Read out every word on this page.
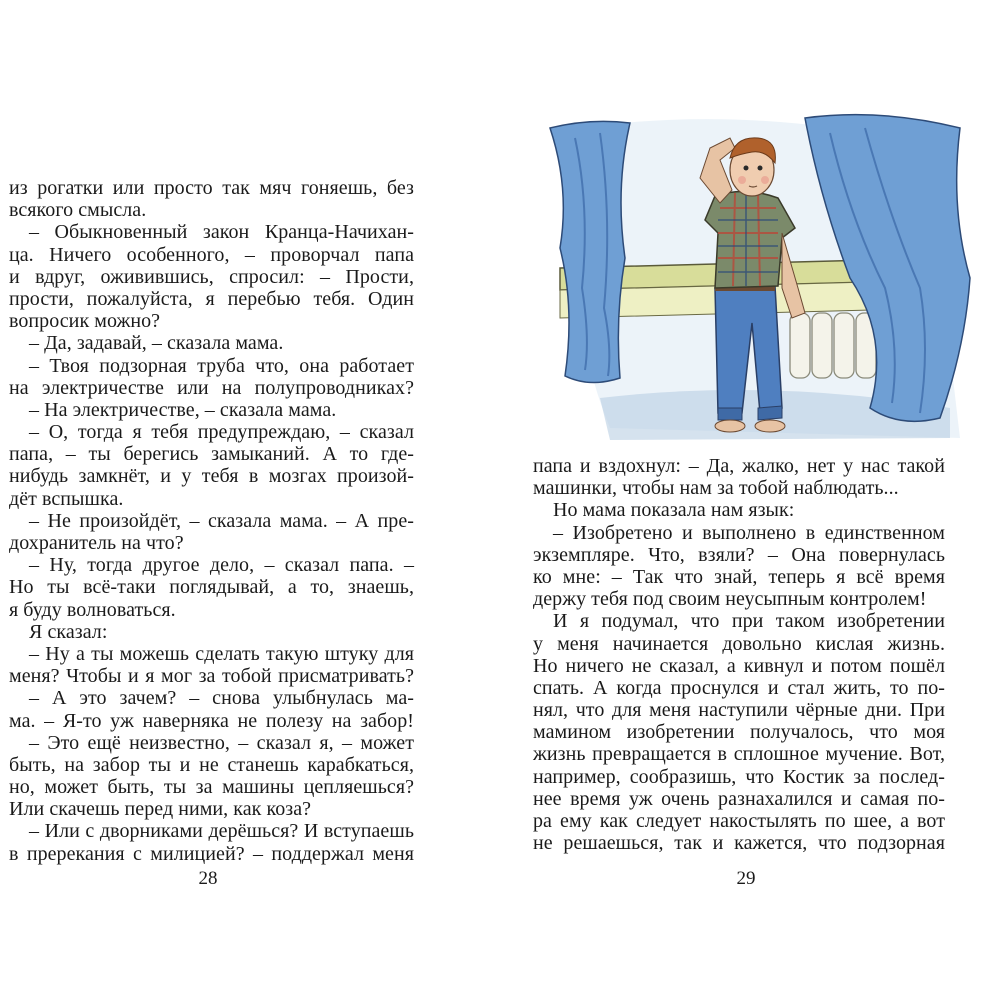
из рогатки или просто так мяч гоняешь, без
всякого смысла.
– Обыкновенный закон Кранца-Начихан-
ца. Ничего особенного, – проворчал папа
и вдруг, оживившись, спросил: – Прости,
прости, пожалуйста, я перебью тебя. Один
вопросик можно?
– Да, задавай, – сказала мама.
– Твоя подзорная труба что, она работает
на электричестве или на полупроводниках?
– На электричестве, – сказала мама.
– О, тогда я тебя предупреждаю, – сказал
папа, – ты берегись замыканий. А то где-
нибудь замкнёт, и у тебя в мозгах произой-
дёт вспышка.
– Не произойдёт, – сказала мама. – А пре-
дохранитель на что?
– Ну, тогда другое дело, – сказал папа. –
Но ты всё-таки поглядывай, а то, знаешь,
я буду волноваться.
Я сказал:
– Ну а ты можешь сделать такую штуку для
меня? Чтобы и я мог за тобой присматривать?
– А это зачем? – снова улыбнулась ма-
ма. – Я-то уж наверняка не полезу на забор!
– Это ещё неизвестно, – сказал я, – может
быть, на забор ты и не станешь карабкаться,
но, может быть, ты за машины цепляешься?
Или скачешь перед ними, как коза?
– Или с дворниками дерёшься? И вступаешь
в пререкания с милицией? – поддержал меня
28
папа и вздохнул: – Да, жалко, нет у нас такой
машинки, чтобы нам за тобой наблюдать...
Но мама показала нам язык:
– Изобретено и выполнено в единственном
экземпляре. Что, взяли? – Она повернулась
ко мне: – Так что знай, теперь я всё время
держу тебя под своим неусыпным контролем!
И я подумал, что при таком изобретении
у меня начинается довольно кислая жизнь.
Но ничего не сказал, а кивнул и потом пошёл
спать. А когда проснулся и стал жить, то по-
нял, что для меня наступили чёрные дни. При
мамином изобретении получалось, что моя
жизнь превращается в сплошное мучение. Вот,
например, сообразишь, что Костик за послед-
нее время уж очень разнахалился и самая по-
ра ему как следует накостылять по шее, а вот
не решаешься, так и кажется, что подзорная
29
